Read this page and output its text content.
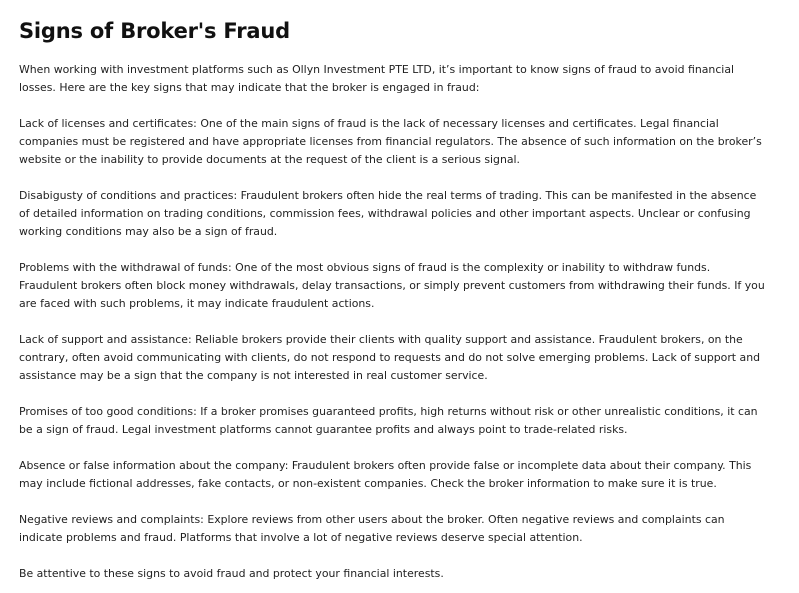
Signs of Broker's Fraud

When working with investment platforms such as Ollyn Investment PTE LTD, it’s important to know signs of fraud to avoid financial losses. Here are the key signs that may indicate that the broker is engaged in fraud:

Lack of licenses and certificates: One of the main signs of fraud is the lack of necessary licenses and certificates. Legal financial companies must be registered and have appropriate licenses from financial regulators. The absence of such information on the broker’s website or the inability to provide documents at the request of the client is a serious signal.

Disabigusty of conditions and practices: Fraudulent brokers often hide the real terms of trading. This can be manifested in the absence of detailed information on trading conditions, commission fees, withdrawal policies and other important aspects. Unclear or confusing working conditions may also be a sign of fraud.

Problems with the withdrawal of funds: One of the most obvious signs of fraud is the complexity or inability to withdraw funds. Fraudulent brokers often block money withdrawals, delay transactions, or simply prevent customers from withdrawing their funds. If you are faced with such problems, it may indicate fraudulent actions.

Lack of support and assistance: Reliable brokers provide their clients with quality support and assistance. Fraudulent brokers, on the contrary, often avoid communicating with clients, do not respond to requests and do not solve emerging problems. Lack of support and assistance may be a sign that the company is not interested in real customer service.

Promises of too good conditions: If a broker promises guaranteed profits, high returns without risk or other unrealistic conditions, it can be a sign of fraud. Legal investment platforms cannot guarantee profits and always point to trade-related risks.

Absence or false information about the company: Fraudulent brokers often provide false or incomplete data about their company. This may include fictional addresses, fake contacts, or non-existent companies. Check the broker information to make sure it is true.

Negative reviews and complaints: Explore reviews from other users about the broker. Often negative reviews and complaints can indicate problems and fraud. Platforms that involve a lot of negative reviews deserve special attention.

Be attentive to these signs to avoid fraud and protect your financial interests.
